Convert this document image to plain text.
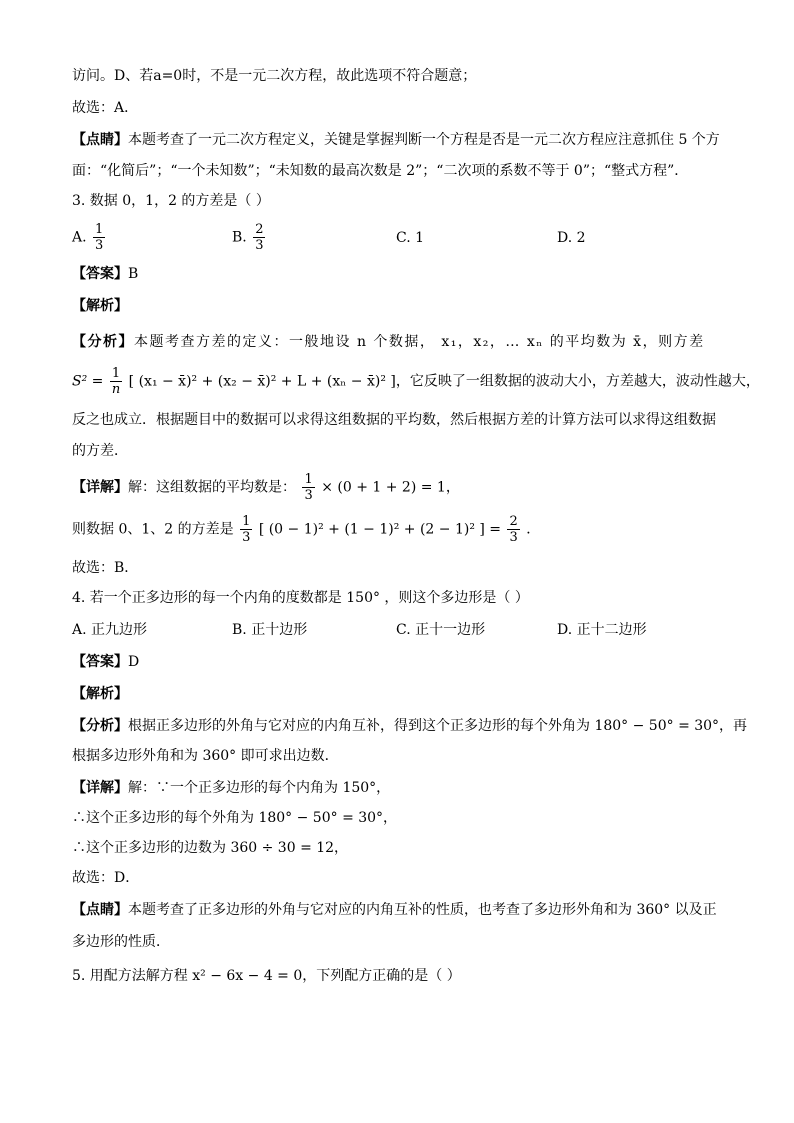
访问。D、若a=0时，不是一元二次方程，故此选项不符合题意；
故选：A．
【点睛】本题考查了一元二次方程定义，关键是掌握判断一个方程是否是一元二次方程应注意抓住 5 个方
面：“化简后”；“一个未知数”；“未知数的最高次数是 2”；“二次项的系数不等于 0”；“整式方程”．
3. 数据 0，1，2 的方差是（ ）
A. $\frac{1}{3}$	B. $\frac{2}{3}$	C. 1	D. 2
【答案】B
【解析】
【分析】本题考查方差的定义：一般地设 n 个数据， x₁，x₂，… xₙ 的平均数为 x̄，则方差
$S^2 = \frac{1}{n}$ [ (x₁ − x̄)² + (x₂ − x̄)² + L + (xₙ − x̄)² ]，它反映了一组数据的波动大小，方差越大，波动性越大，
反之也成立．根据题目中的数据可以求得这组数据的平均数，然后根据方差的计算方法可以求得这组数据
的方差．
【详解】解：这组数据的平均数是： $\frac{1}{3} \times (0 + 1 + 2) = 1$，
则数据 0、1、2 的方差是 $\frac{1}{3}$ [ (0 − 1)² + (1 − 1)² + (2 − 1)² ] = $\frac{2}{3}$ ．
故选：B．
4. 若一个正多边形的每一个内角的度数都是 150° ，则这个多边形是（ ）
A. 正九边形	B. 正十边形	C. 正十一边形	D. 正十二边形
【答案】D
【解析】
【分析】根据正多边形的外角与它对应的内角互补，得到这个正多边形的每个外角为 180° − 50° = 30°，再
根据多边形外角和为 360° 即可求出边数．
【详解】解：∵一个正多边形的每个内角为 150°，
∴这个正多边形的每个外角为 180° − 50° = 30°，
∴这个正多边形的边数为 360 ÷ 30 = 12，
故选：D．
【点睛】本题考查了正多边形的外角与它对应的内角互补的性质，也考查了多边形外角和为 360° 以及正
多边形的性质．
5. 用配方法解方程 x² − 6x − 4 = 0，下列配方正确的是（ ）
